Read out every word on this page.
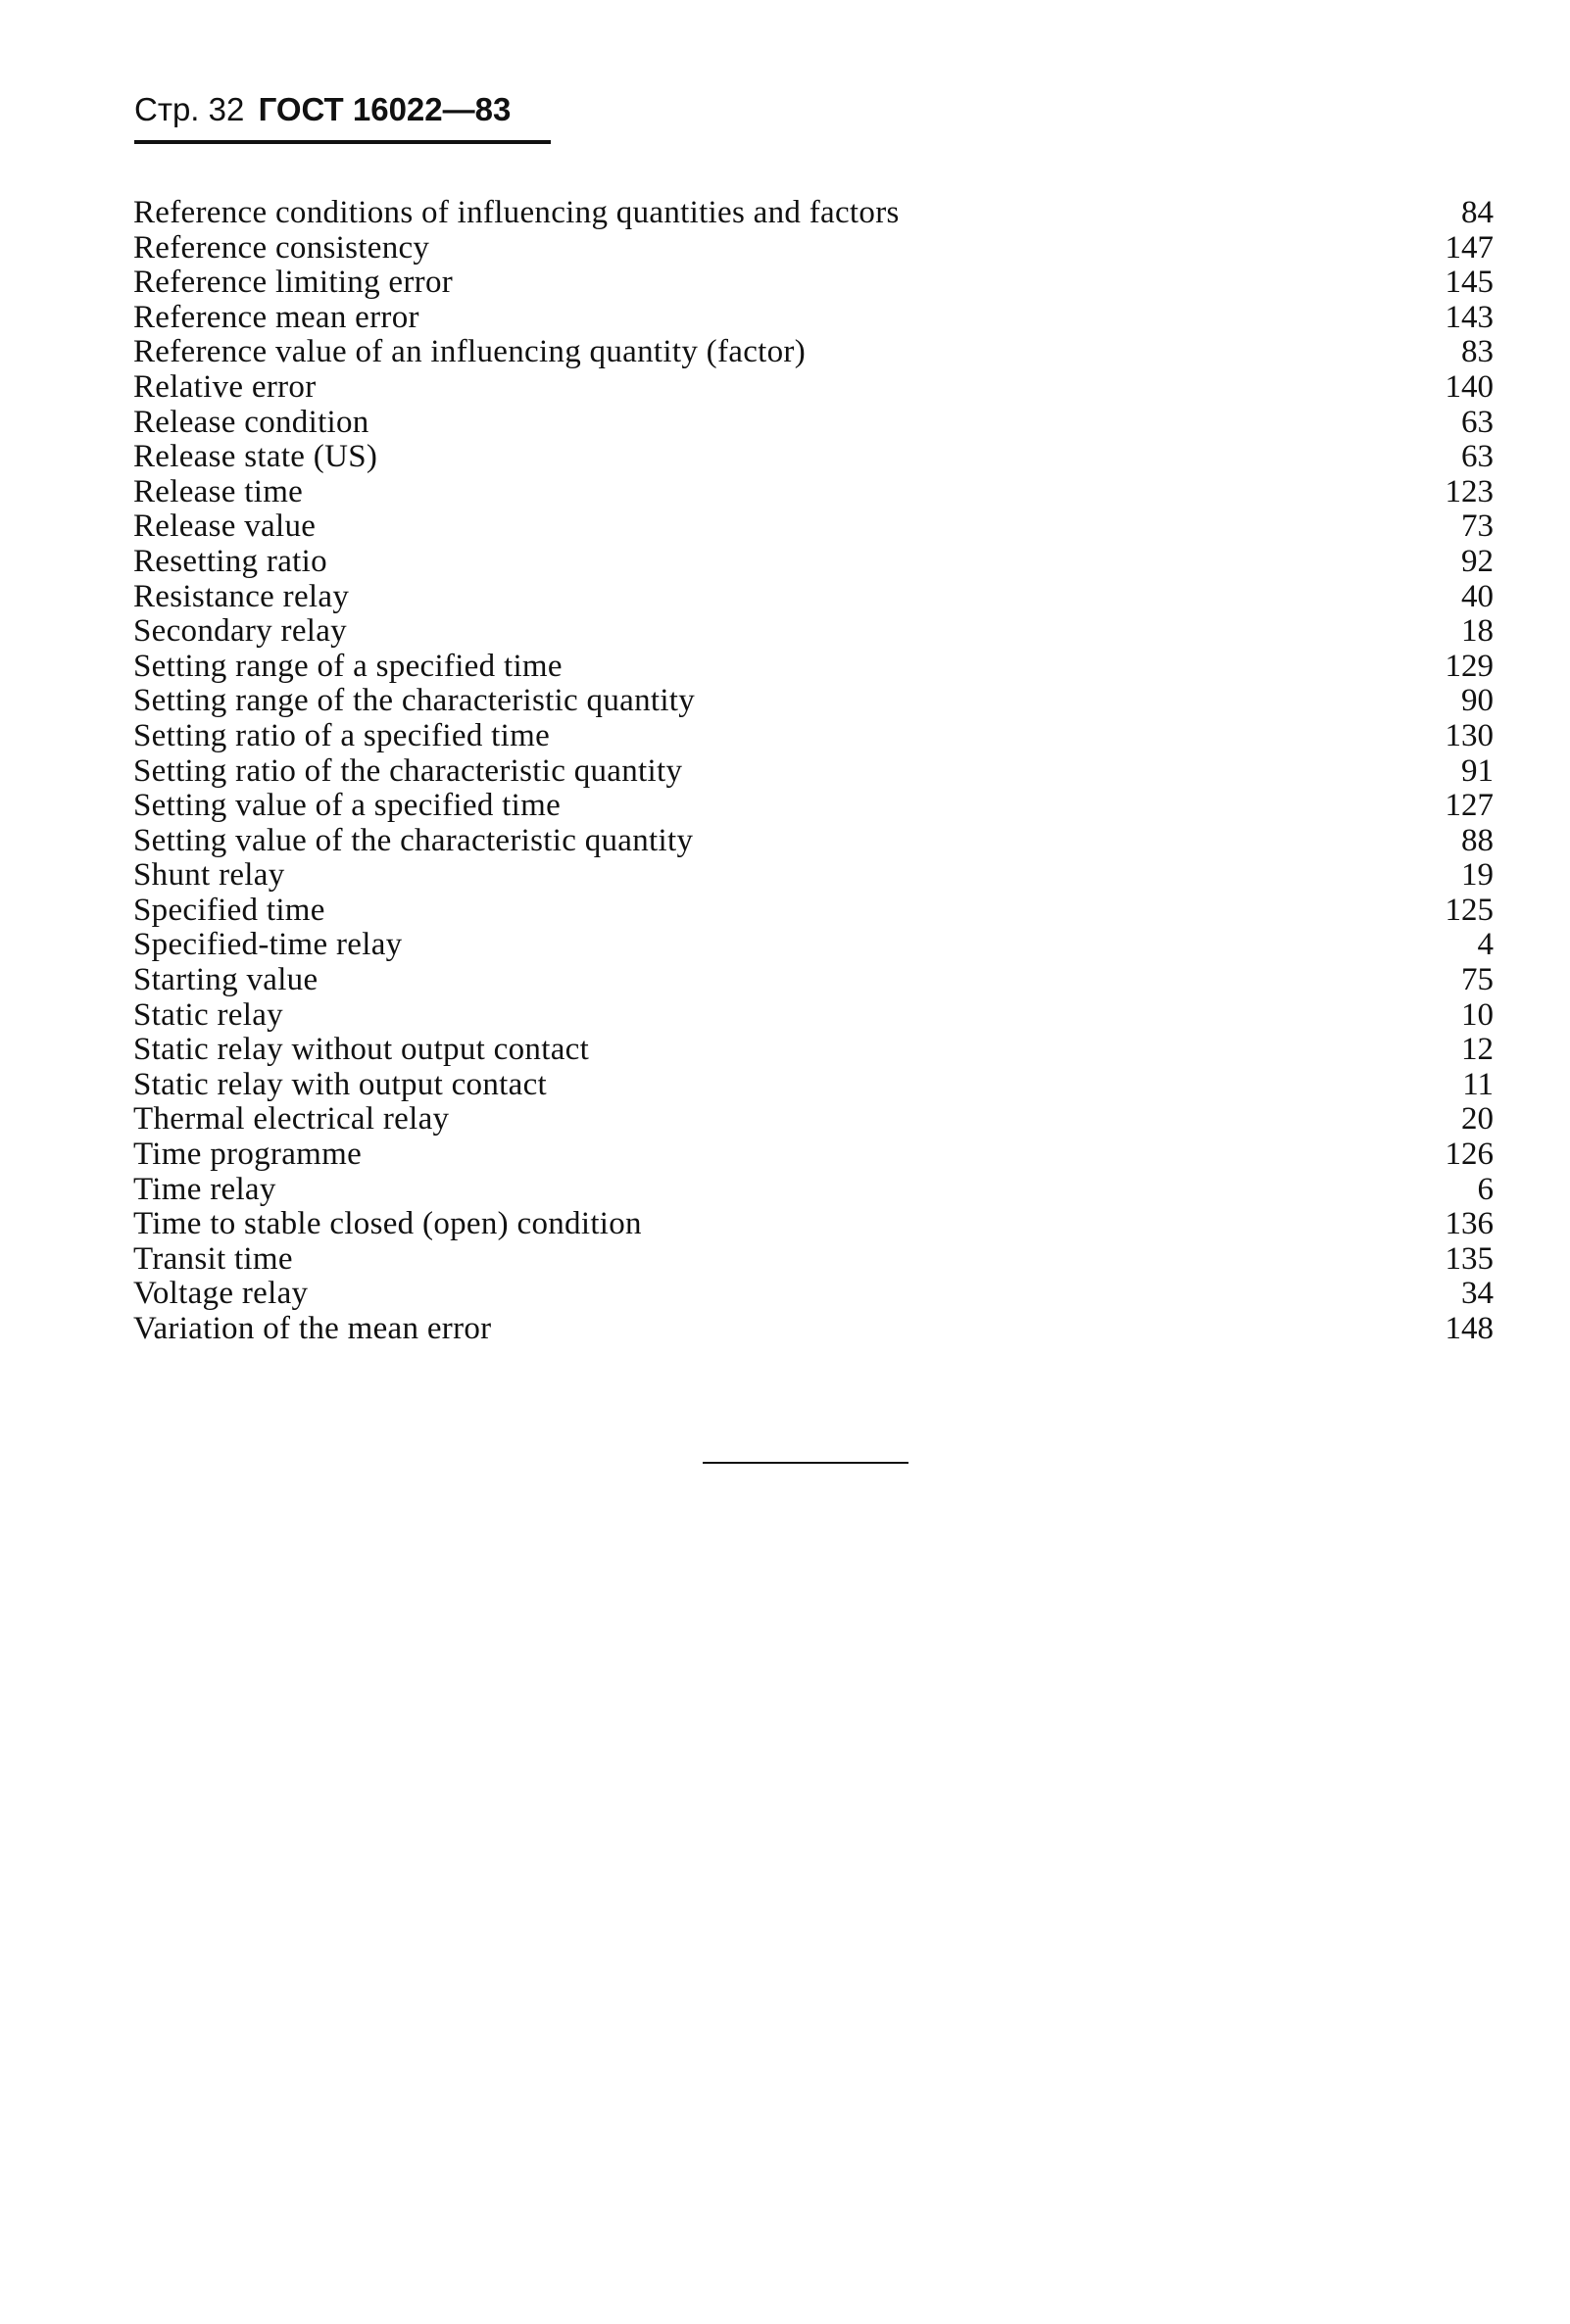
Стр. 32 ГОСТ 16022—83
Reference conditions of influencing quantities and factors	84
Reference consistency	147
Reference limiting error	145
Reference mean error	143
Reference value of an influencing quantity (factor)	83
Relative error	140
Release condition	63
Release state (US)	63
Release time	123
Release value	73
Resetting ratio	92
Resistance relay	40
Secondary relay	18
Setting range of a specified time	129
Setting range of the characteristic quantity	90
Setting ratio of a specified time	130
Setting ratio of the characteristic quantity	91
Setting value of a specified time	127
Setting value of the characteristic quantity	88
Shunt relay	19
Specified time	125
Specified-time relay	4
Starting value	75
Static relay	10
Static relay without output contact	12
Static relay with output contact	11
Thermal electrical relay	20
Time programme	126
Time relay	6
Time to stable closed (open) condition	136
Transit time	135
Voltage relay	34
Variation of the mean error	148
